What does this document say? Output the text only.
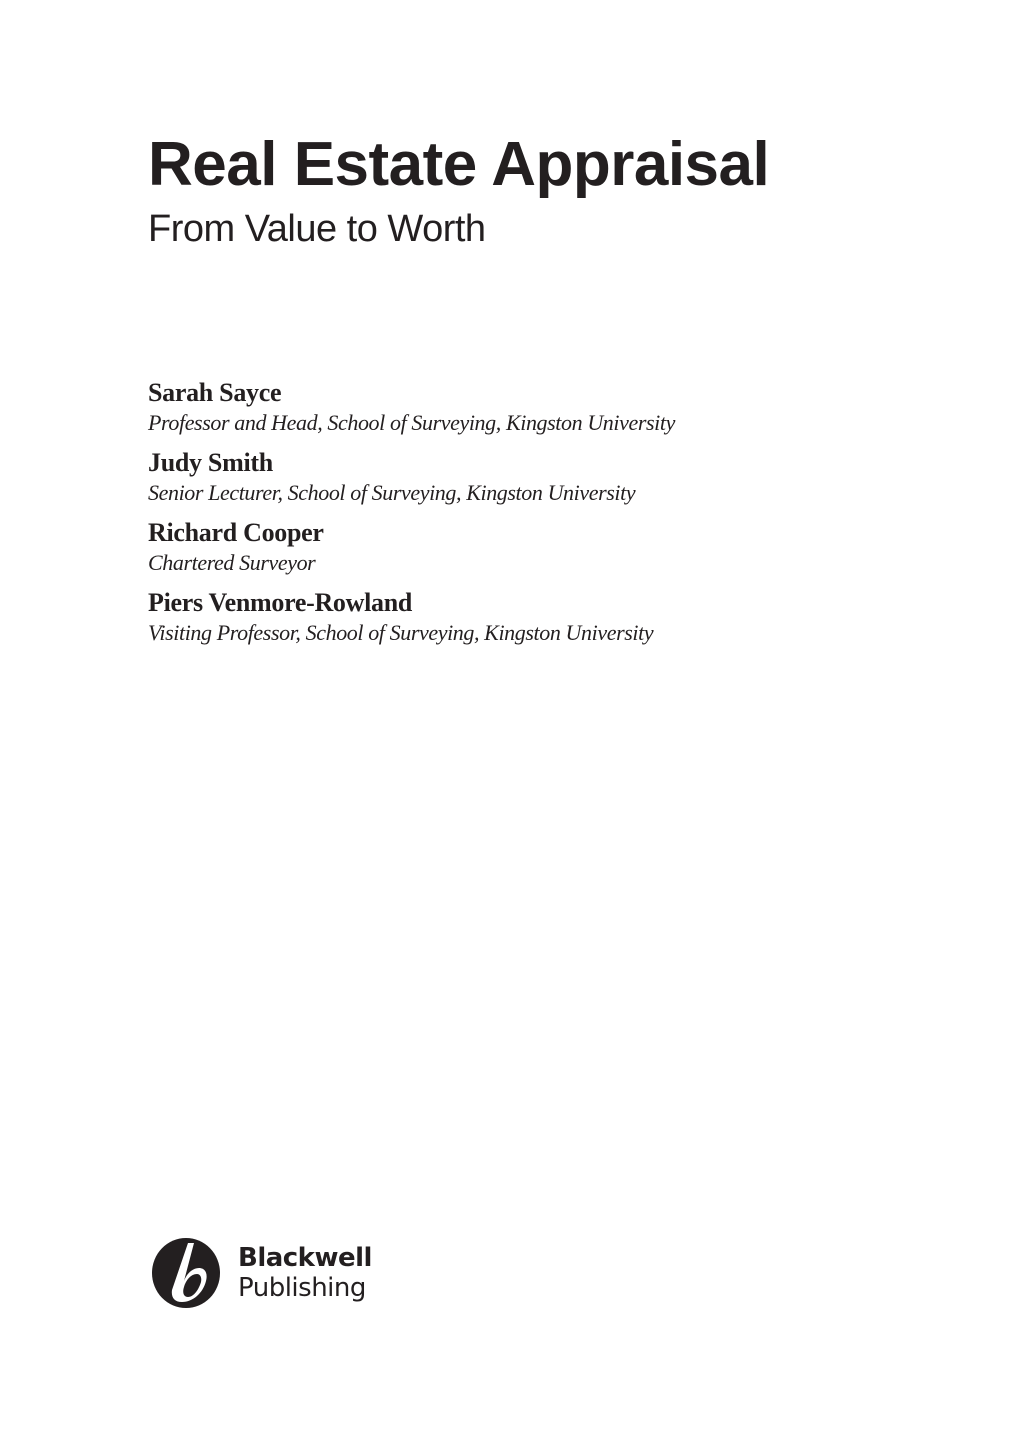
Real Estate Appraisal
From Value to Worth
Sarah Sayce
Professor and Head, School of Surveying, Kingston University
Judy Smith
Senior Lecturer, School of Surveying, Kingston University
Richard Cooper
Chartered Surveyor
Piers Venmore-Rowland
Visiting Professor, School of Surveying, Kingston University
Blackwell
Publishing
